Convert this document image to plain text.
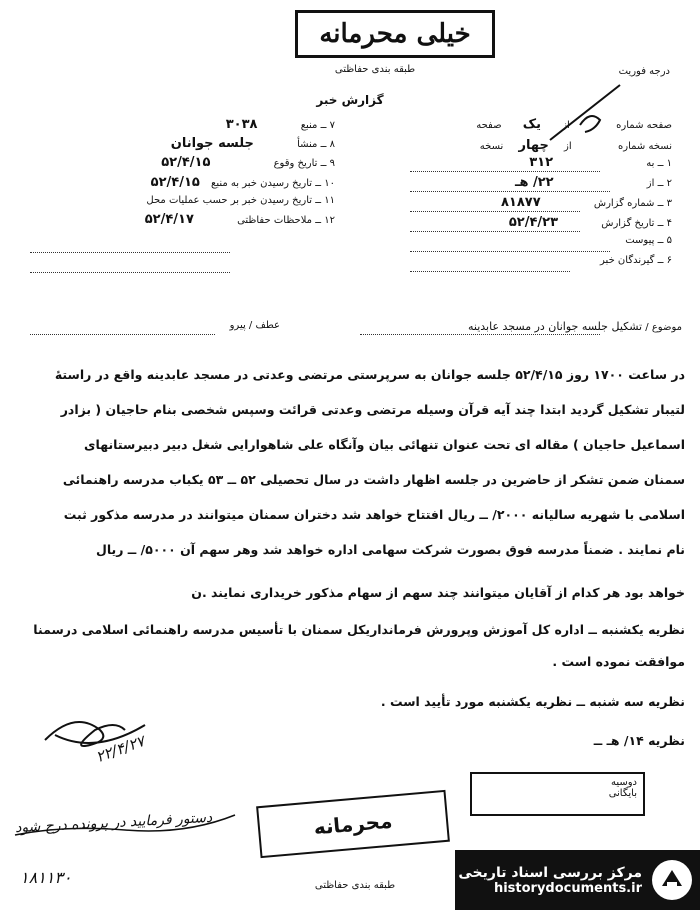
خیلی محرمانه
طبقه بندی حفاظتی	درجه فوریت
گزارش خبر
صفحه شماره  از یک صفحه
نسخه شماره  از چهار نسخه
۱ ــ به ۳۱۲
۲ ــ از ۲۲/ هـ
۳ ــ شماره گزارش ۸۱۸۷۷
۴ ــ تاریخ گزارش ۵۲/۴/۲۳
۵ ــ پیوست
۶ ــ گیرندگان خبر
۷ ــ منبع ۳۰۳۸
۸ ــ منشأ جلسه جوانان
۹ ــ تاریخ وقوع ۵۲/۴/۱۵
۱۰ ــ تاریخ رسیدن خبر به منبع ۵۲/۴/۱۵
۱۱ ــ تاریخ رسیدن خبر بر حسب عملیات محل
۱۲ ــ ملاحظات حفاظتی ۵۲/۴/۱۷
موضوع / تشکیل جلسه جوانان در مسجد عابدینه
عطف / پیرو
در ساعت ۱۷۰۰ روز ۵۲/۴/۱۵ جلسه جوانان به سرپرستی مرتضی وعدتی در مسجد عابدینه واقع در راستهٔ
لتیبار تشکیل گردید ابتدا چند آیه قرآن وسیله مرتضی وعدتی قرائت وسپس شخصی بنام حاجیان ( بزادر
اسماعیل حاجیان ) مقاله ای تحت عنوان تنهائی بیان وآنگاه علی شاهوارایی شغل دبیر دبیرستانهای
سمنان ضمن تشکر از حاضرین در جلسه اظهار داشت در سال تحصیلی ۵۲ ــ ۵۳ یکباب مدرسه راهنمائی
اسلامی با شهریه سالیانه ۲۰۰۰/ ــ ریال افتتاح خواهد شد دختران سمنان میتوانند در مدرسه مذکور ثبت
نام نمایند . ضمناً مدرسه فوق بصورت شرکت سهامی اداره خواهد شد وهر سهم آن ۵۰۰۰/ ــ ریال
خواهد بود هر کدام از آقایان میتوانند چند سهم از سهام مذکور خریداری نمایند .ن
نظریه یکشنبه ــ اداره کل آموزش وپرورش فرمانداریکل سمنان با تأسیس مدرسه راهنمائی اسلامی درسمنا
موافقت نموده است .
نظریه سه شنبه ــ نظریه یکشنبه مورد تأیید است .
نظریه ۱۴/ هـ ــ
۲۲/۴/۲۷
دستور فرمایید در پرونده درج شود
۱۸۱۱۳۰
محرمانه
دوسیه
بایگانی
طبقه بندی حفاظتی
مرکز بررسی اسناد تاریخی
historydocuments.ir
